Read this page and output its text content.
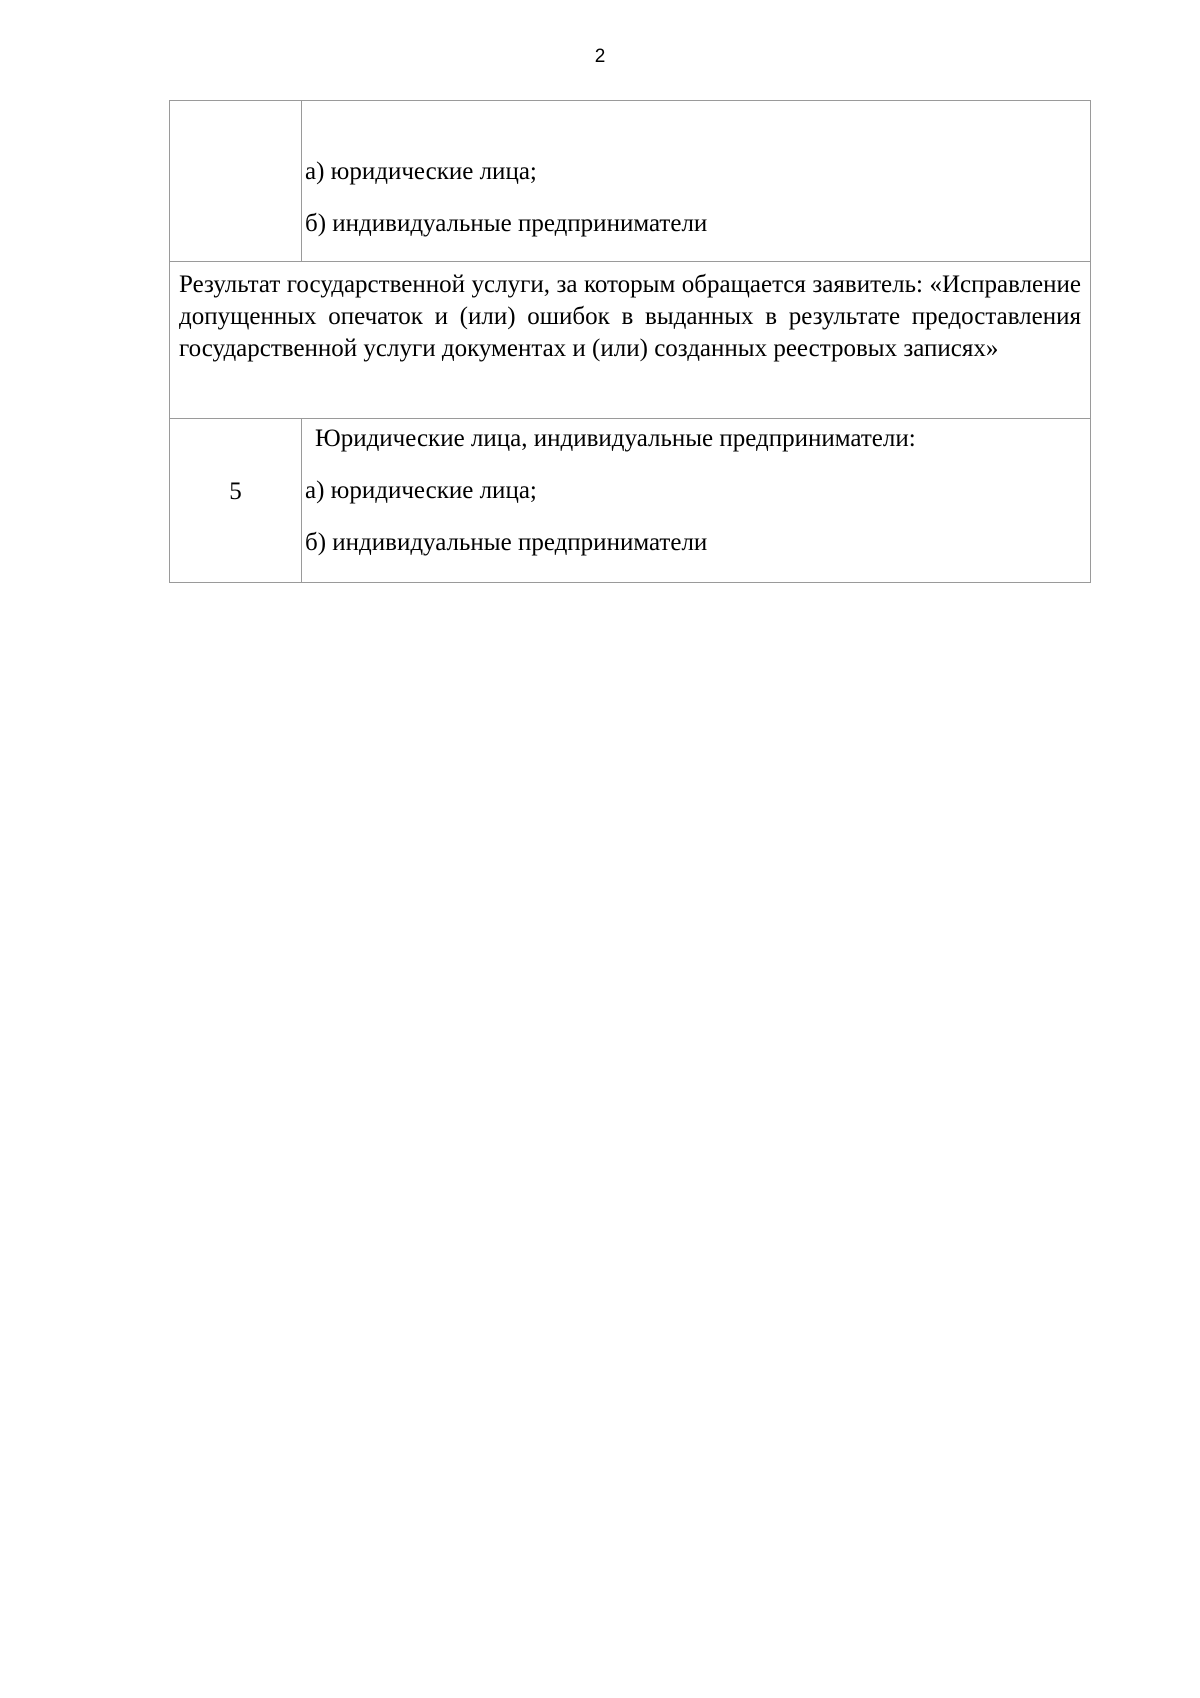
2

	а) юридические лица;

б) индивидуальные предприниматели

Результат государственной услуги, за которым обращается заявитель: «Исправление допущенных опечаток и (или) ошибок в выданных в результате предоставления государственной услуги документах и (или) созданных реестровых записях»	

5	Юридические лица, индивидуальные предприниматели:

а) юридические лица;

б) индивидуальные предприниматели
